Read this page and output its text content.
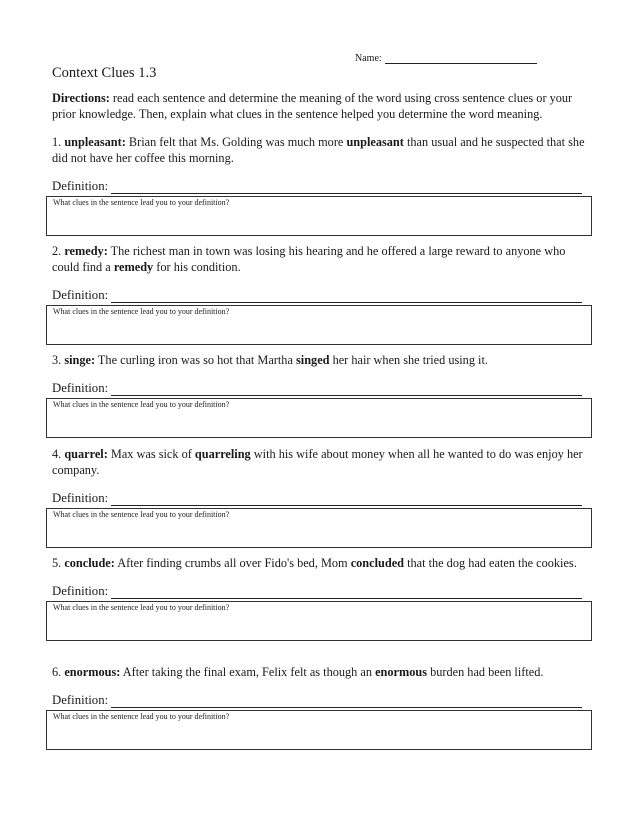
Name:
Context Clues 1.3
Directions: read each sentence and determine the meaning of the word using cross sentence clues or your prior knowledge. Then, explain what clues in the sentence helped you determine the word meaning.

1. unpleasant: Brian felt that Ms. Golding was much more unpleasant than usual and he suspected that she did not have her coffee this morning.

Definition:
What clues in the sentence lead you to your definition?

2. remedy: The richest man in town was losing his hearing and he offered a large reward to anyone who could find a remedy for his condition.

Definition:
What clues in the sentence lead you to your definition?

3. singe: The curling iron was so hot that Martha singed her hair when she tried using it.

Definition:
What clues in the sentence lead you to your definition?

4. quarrel: Max was sick of quarreling with his wife about money when all he wanted to do was enjoy her company.

Definition:
What clues in the sentence lead you to your definition?

5. conclude: After finding crumbs all over Fido's bed, Mom concluded that the dog had eaten the cookies.

Definition:
What clues in the sentence lead you to your definition?

6. enormous: After taking the final exam, Felix felt as though an enormous burden had been lifted.

Definition:
What clues in the sentence lead you to your definition?
